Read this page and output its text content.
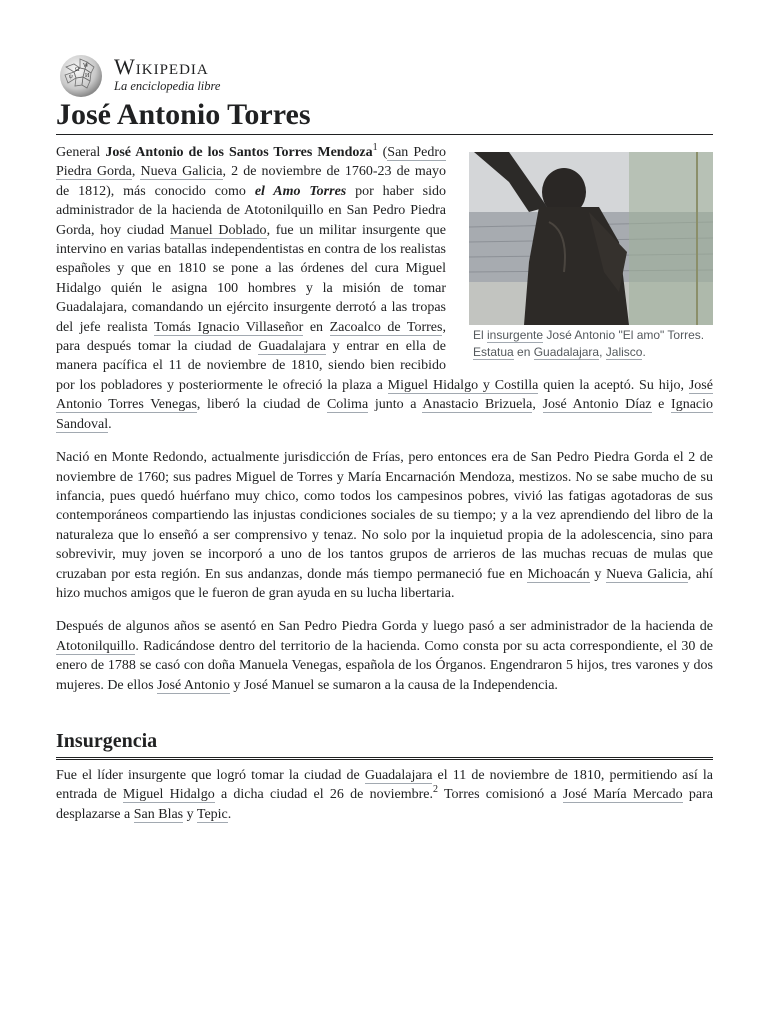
Ω
W
И
ψ Wikipedia
La enciclopedia libre
José Antonio Torres
El insurgente José Antonio "El amo" Torres. Estatua en Guadalajara, Jalisco.

General José Antonio de los Santos Torres Mendoza$^1$ (San Pedro Piedra Gorda, Nueva Galicia, 2 de noviembre de 1760-23 de mayo de 1812), más conocido como el Amo Torres por haber sido administrador de la hacienda de Atotonilquillo en San Pedro Piedra Gorda, hoy ciudad Manuel Doblado, fue un militar insurgente que intervino en varias batallas independentistas en contra de los realistas españoles y que en 1810 se pone a las órdenes del cura Miguel Hidalgo quién le asigna 100 hombres y la misión de tomar Guadalajara, comandando un ejército insurgente derrotó a las tropas del jefe realista Tomás Ignacio Villaseñor en Zacoalco de Torres, para después tomar la ciudad de Guadalajara y entrar en ella de manera pacífica el 11 de noviembre de 1810, siendo bien recibido por los pobladores y posteriormente le ofreció la plaza a Miguel Hidalgo y Costilla quien la aceptó. Su hijo, José Antonio Torres Venegas, liberó la ciudad de Colima junto a Anastacio Brizuela, José Antonio Díaz e Ignacio Sandoval.

Nació en Monte Redondo, actualmente jurisdicción de Frías, pero entonces era de San Pedro Piedra Gorda el 2 de noviembre de 1760; sus padres Miguel de Torres y María Encarnación Mendoza, mestizos. No se sabe mucho de su infancia, pues quedó huérfano muy chico, como todos los campesinos pobres, vivió las fatigas agotadoras de sus contemporáneos compartiendo las injustas condiciones sociales de su tiempo; y a la vez aprendiendo del libro de la naturaleza que lo enseñó a ser comprensivo y tenaz. No solo por la inquietud propia de la adolescencia, sino para sobrevivir, muy joven se incorporó a uno de los tantos grupos de arrieros de las muchas recuas de mulas que cruzaban por esta región. En sus andanzas, donde más tiempo permaneció fue en Michoacán y Nueva Galicia, ahí hizo muchos amigos que le fueron de gran ayuda en su lucha libertaria.

Después de algunos años se asentó en San Pedro Piedra Gorda y luego pasó a ser administrador de la hacienda de Atotonilquillo. Radicándose dentro del territorio de la hacienda. Como consta por su acta correspondiente, el 30 de enero de 1788 se casó con doña Manuela Venegas, española de los Órganos. Engendraron 5 hijos, tres varones y dos mujeres. De ellos José Antonio y José Manuel se sumaron a la causa de la Independencia.

Insurgencia

Fue el líder insurgente que logró tomar la ciudad de Guadalajara el 11 de noviembre de 1810, permitiendo así la entrada de Miguel Hidalgo a dicha ciudad el 26 de noviembre.$^2$ Torres comisionó a José María Mercado para desplazarse a San Blas y Tepic.
